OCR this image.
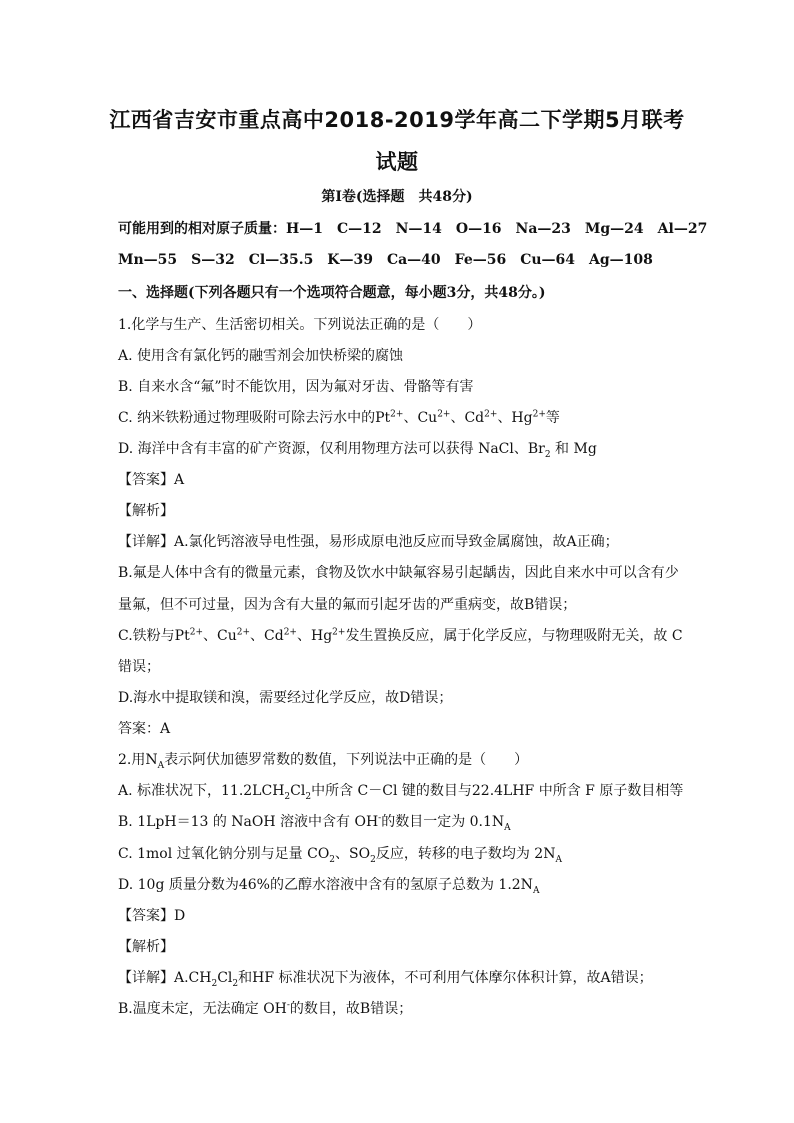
江西省吉安市重点高中2018-2019学年高二下学期5月联考
试题
第Ⅰ卷(选择题　共48分)
可能用到的相对原子质量：H—1　C—12　N—14　O—16　Na—23　Mg—24　Al—27
Mn—55　S—32　Cl—35.5　K—39　Ca—40　Fe—56　Cu—64　Ag—108
一、选择题(下列各题只有一个选项符合题意，每小题3分，共48分。)
1.化学与生产、生活密切相关。下列说法正确的是（　　）
A. 使用含有氯化钙的融雪剂会加快桥梁的腐蚀
B. 自来水含“氟”时不能饮用，因为氟对牙齿、骨骼等有害
C. 纳米铁粉通过物理吸附可除去污水中的$Pt^{2+}$、$Cu^{2+}$、$Cd^{2+}$、$Hg^{2+}$等
D. 海洋中含有丰富的矿产资源，仅利用物理方法可以获得 NaCl、$Br_2$ 和 Mg
【答案】A
【解析】
【详解】A.氯化钙溶液导电性强，易形成原电池反应而导致金属腐蚀，故A正确；
B.氟是人体中含有的微量元素，食物及饮水中缺氟容易引起龋齿，因此自来水中可以含有少
量氟，但不可过量，因为含有大量的氟而引起牙齿的严重病变，故B错误；
C.铁粉与$Pt^{2+}$、$Cu^{2+}$、$Cd^{2+}$、$Hg^{2+}$发生置换反应，属于化学反应，与物理吸附无关，故 C
错误；
D.海水中提取镁和溴，需要经过化学反应，故D错误；
答案：A
2.用$N_A$表示阿伏加德罗常数的数值，下列说法中正确的是（　　）
A. 标准状况下，$11.2LCH_2Cl_2$中所含 C－Cl 键的数目与22.4LHF 中所含 F 原子数目相等
B. 1LpH＝13 的 NaOH 溶液中含有 OH-的数目一定为 $0.1N_A$
C. 1mol 过氧化钠分别与足量 $CO_2$、$SO_2$反应，转移的电子数均为 $2N_A$
D. 10g 质量分数为46%的乙醇水溶液中含有的氢原子总数为 $1.2N_A$
【答案】D
【解析】
【详解】$A.CH_2Cl_2$和HF 标准状况下为液体，不可利用气体摩尔体积计算，故A错误；
B.温度未定，无法确定 OH-的数目，故B错误；
